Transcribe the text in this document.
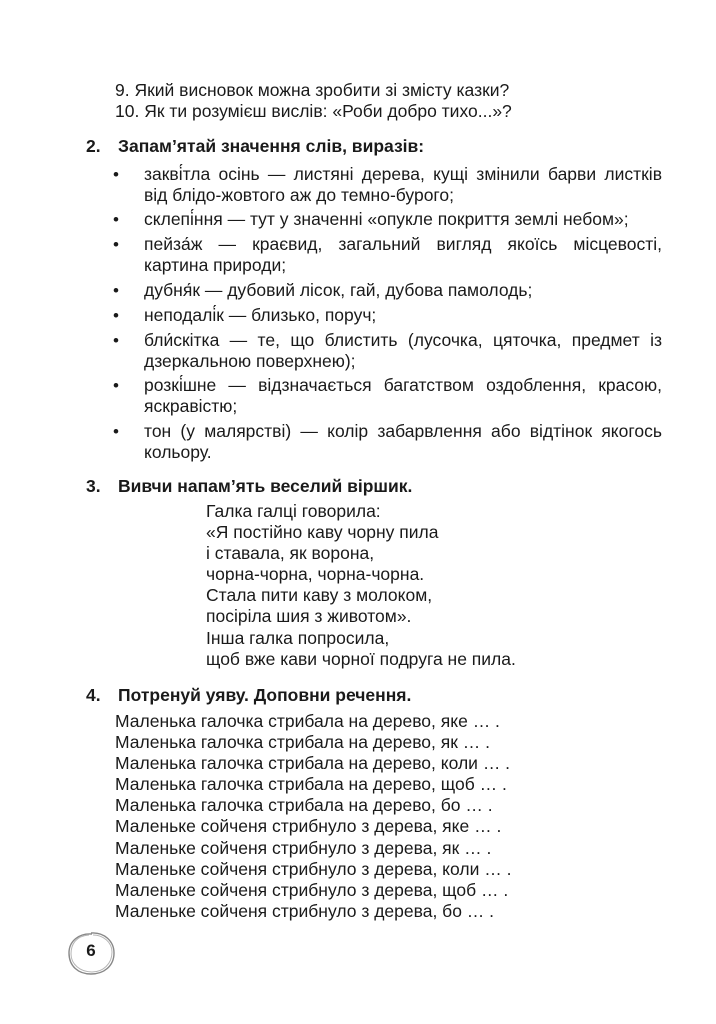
9. Який висновок можна зробити зі змісту казки?
10. Як ти розумієш вислів: «Роби добро тихо...»?
2. Запам’ятай значення слів, виразів:
• закві́тла осінь — листяні дерева, кущі змінили барви листків від блідо-жовтого аж до темно-бурого;
• склепі́ння — тут у значенні «опукле покриття землі небом»;
• пейза́ж — краєвид, загальний вигляд якоїсь місцевості, картина природи;
• дубня́к — дубовий лісок, гай, дубова памолодь;
• неподалі́к — близько, поруч;
• бли́скітка — те, що блистить (лусочка, цяточка, предмет із дзеркальною поверхнею);
• розкі́шне — відзначається багатством оздоблення, красою, яскравістю;
• тон (у малярстві) — колір забарвлення або відтінок якогось кольору.
3. Вивчи напам’ять веселий віршик.
Галка галці говорила:
«Я постійно каву чорну пила
і ставала, як ворона,
чорна-чорна, чорна-чорна.
Стала пити каву з молоком,
посіріла шия з животом».
Інша галка попросила,
щоб вже кави чорної подруга не пила.
4. Потренуй уяву. Доповни речення.
Маленька галочка стрибала на дерево, яке … .
Маленька галочка стрибала на дерево, як … .
Маленька галочка стрибала на дерево, коли … .
Маленька галочка стрибала на дерево, щоб … .
Маленька галочка стрибала на дерево, бо … .
Маленьке сойченя стрибнуло з дерева, яке … .
Маленьке сойченя стрибнуло з дерева, як … .
Маленьке сойченя стрибнуло з дерева, коли … .
Маленьке сойченя стрибнуло з дерева, щоб … .
Маленьке сойченя стрибнуло з дерева, бо … .
6
